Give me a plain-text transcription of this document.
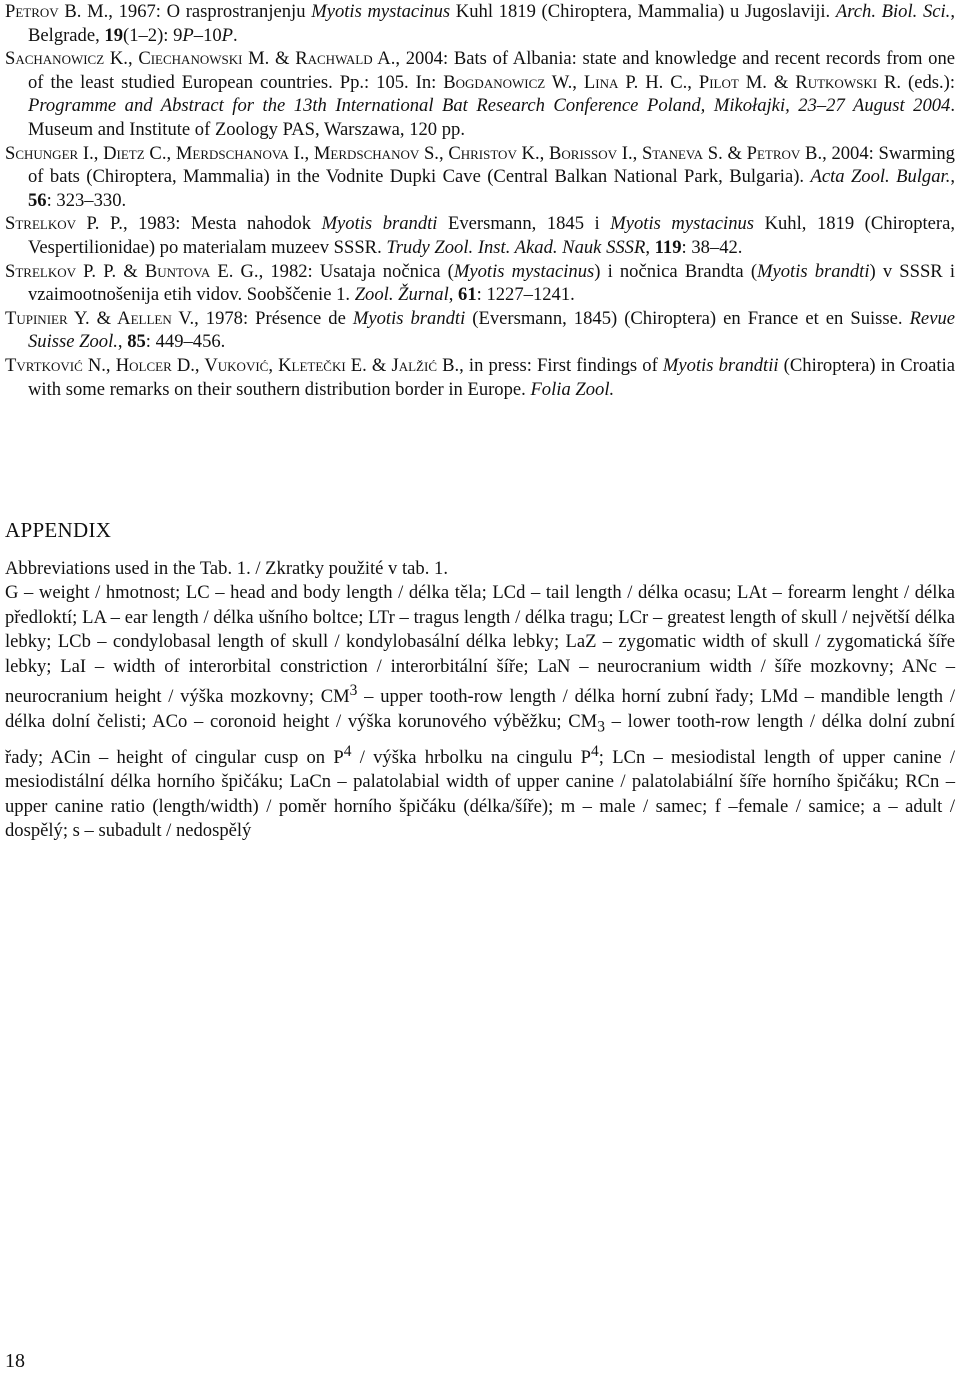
Petrov B. M., 1967: O rasprostranjenju Myotis mystacinus Kuhl 1819 (Chiroptera, Mammalia) u Jugoslaviji. Arch. Biol. Sci., Belgrade, 19(1–2): 9P–10P.

Sachanowicz K., Ciechanowski M. & Rachwald A., 2004: Bats of Albania: state and knowledge and recent records from one of the least studied European countries. Pp.: 105. In: Bogdanowicz W., Lina P. H. C., Pilot M. & Rutkowski R. (eds.): Programme and Abstract for the 13th International Bat Research Conference Poland, Mikołajki, 23–27 August 2004. Museum and Institute of Zoology PAS, Warszawa, 120 pp.

Schunger I., Dietz C., Merdschanova I., Merdschanov S., Christov K., Borissov I., Staneva S. & Petrov B., 2004: Swarming of bats (Chiroptera, Mammalia) in the Vodnite Dupki Cave (Central Balkan National Park, Bulgaria). Acta Zool. Bulgar., 56: 323–330.

Strelkov P. P., 1983: Mesta nahodok Myotis brandti Eversmann, 1845 i Myotis mystacinus Kuhl, 1819 (Chiroptera, Vespertilionidae) po materialam muzeev SSSR. Trudy Zool. Inst. Akad. Nauk SSSR, 119: 38–42.

Strelkov P. P. & Buntova E. G., 1982: Usataja nočnica (Myotis mystacinus) i nočnica Brandta (Myotis brandti) v SSSR i vzaimootnošenija etih vidov. Soobščenie 1. Zool. Žurnal, 61: 1227–1241.

Tupinier Y. & Aellen V., 1978: Présence de Myotis brandti (Eversmann, 1845) (Chiroptera) en France et en Suisse. Revue Suisse Zool., 85: 449–456.

Tvrtković N., Holcer D., Vuković, Kletečki E. & Jalžić B., in press: First findings of Myotis brandtii (Chiroptera) in Croatia with some remarks on their southern distribution border in Europe. Folia Zool.

APPENDIX

Abbreviations used in the Tab. 1. / Zkratky použité v tab. 1.

G – weight / hmotnost; LC – head and body length / délka těla; LCd – tail length / délka ocasu; LAt – forearm lenght / délka předloktí; LA – ear length / délka ušního boltce; LTr – tragus length / délka tragu; LCr – greatest length of skull / největší délka lebky; LCb – condylobasal length of skull / kondylobasální délka lebky; LaZ – zygomatic width of skull / zygomatická šíře lebky; LaI – width of interorbital constriction / interorbitální šíře; LaN – neurocranium width / šíře mozkovny; ANc – neurocranium height / výška mozkovny; $CM^3$ – upper tooth-row length / délka horní zubní řady; LMd – mandible length / délka dolní čelisti; ACo – coronoid height / výška korunového výběžku; $CM_3$ – lower tooth-row length / délka dolní zubní řady; ACin – height of cingular cusp on $P^4$ / výška hrbolku na cingulu $P^4$; LCn – mesiodistal length of upper canine / mesiodistální délka horního špičáku; LaCn – palatolabial width of upper canine / palatolabiální šíře horního špičáku; RCn – upper canine ratio (length/width) / poměr horního špičáku (délka/šíře); m – male / samec; f –female / samice; a – adult / dospělý; s – subadult / nedospělý

18
